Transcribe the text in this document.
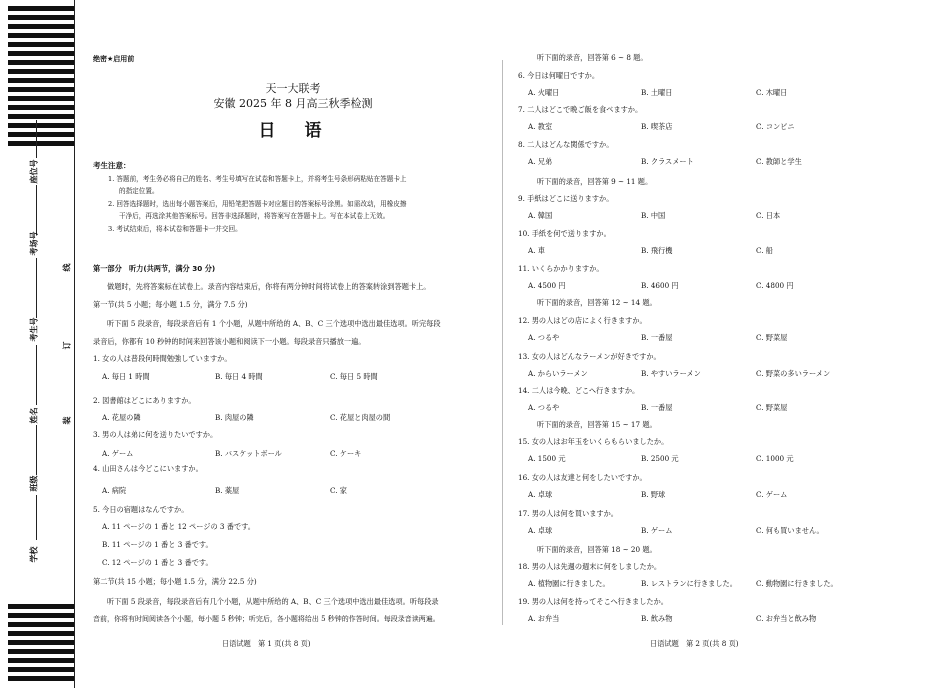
座位号
考场号
考生号
姓名
班级
学校
线
订
装
绝密★启用前
天一大联考
安徽 2025 年 8 月高三秋季检测
日　语
考生注意：
1. 答题前，考生务必将自己的姓名、考生号填写在试卷和答题卡上，并将考生号条形码粘贴在答题卡上
的指定位置。
2. 回答选择题时，选出每小题答案后，用铅笔把答题卡对应题目的答案标号涂黑。如需改动，用橡皮擦
干净后，再选涂其他答案标号。回答非选择题时，将答案写在答题卡上。写在本试卷上无效。
3. 考试结束后，将本试卷和答题卡一并交回。
第一部分　听力(共两节，满分 30 分)
做题时，先将答案标在试卷上。录音内容结束后，你将有两分钟时间将试卷上的答案转涂到答题卡上。
第一节(共 5 小题；每小题 1.5 分，满分 7.5 分)
听下面 5 段录音，每段录音后有 1 个小题，从题中所给的 A、B、C 三个选项中选出最佳选项。听完每段
录音后，你都有 10 秒钟的时间来回答该小题和阅读下一小题。每段录音只播放一遍。
1. 女の人は普段何時間勉強していますか。
A. 毎日 1 時間	B. 毎日 4 時間	C. 毎日 5 時間
2. 図書館はどこにありますか。
A. 花屋の隣	B. 肉屋の隣	C. 花屋と肉屋の間
3. 男の人は弟に何を送りたいですか。
A. ゲーム	B. バスケットボール	C. ケーキ
4. 山田さんは今どこにいますか。
A. 病院	B. 薬屋	C. 家
5. 今日の宿題はなんですか。
A. 11 ページの 1 番と 12 ページの 3 番です。
B. 11 ページの 1 番と 3 番です。
C. 12 ページの 1 番と 3 番です。
第二节(共 15 小题；每小题 1.5 分，满分 22.5 分)
听下面 5 段录音，每段录音后有几个小题，从题中所给的 A、B、C 三个选项中选出最佳选项。听每段录
音前，你将有时间阅读各个小题，每小题 5 秒钟；听完后，各小题将给出 5 秒钟的作答时间。每段录音读两遍。
日语试题　第 1 页(共 8 页)
听下面的录音，回答第 6 ~ 8 题。
6. 今日は何曜日ですか。
A. 火曜日	B. 土曜日	C. 木曜日
7. 二人はどこで晩ご飯を食べますか。
A. 教室	B. 喫茶店	C. コンビニ
8. 二人はどんな関係ですか。
A. 兄弟	B. クラスメート	C. 教師と学生
听下面的录音，回答第 9 ~ 11 题。
9. 手紙はどこに送りますか。
A. 韓国	B. 中国	C. 日本
10. 手紙を何で送りますか。
A. 車	B. 飛行機	C. 船
11. いくらかかりますか。
A. 4500 円	B. 4600 円	C. 4800 円
听下面的录音，回答第 12 ~ 14 题。
12. 男の人はどの店によく行きますか。
A. つるや	B. 一番屋	C. 野菜屋
13. 女の人はどんなラーメンが好きですか。
A. からいラーメン	B. やすいラーメン	C. 野菜の多いラーメン
14. 二人は今晩、どこへ行きますか。
A. つるや	B. 一番屋	C. 野菜屋
听下面的录音，回答第 15 ~ 17 题。
15. 女の人はお年玉をいくらもらいましたか。
A. 1500 元	B. 2500 元	C. 1000 元
16. 女の人は友達と何をしたいですか。
A. 卓球	B. 野球	C. ゲーム
17. 男の人は何を買いますか。
A. 卓球	B. ゲーム	C. 何も買いません。
听下面的录音，回答第 18 ~ 20 题。
18. 男の人は先週の週末に何をしましたか。
A. 植物園に行きました。	B. レストランに行きました。	C. 動物園に行きました。
19. 男の人は何を持ってそこへ行きましたか。
A. お弁当	B. 飲み物	C. お弁当と飲み物
日语试题　第 2 页(共 8 页)
